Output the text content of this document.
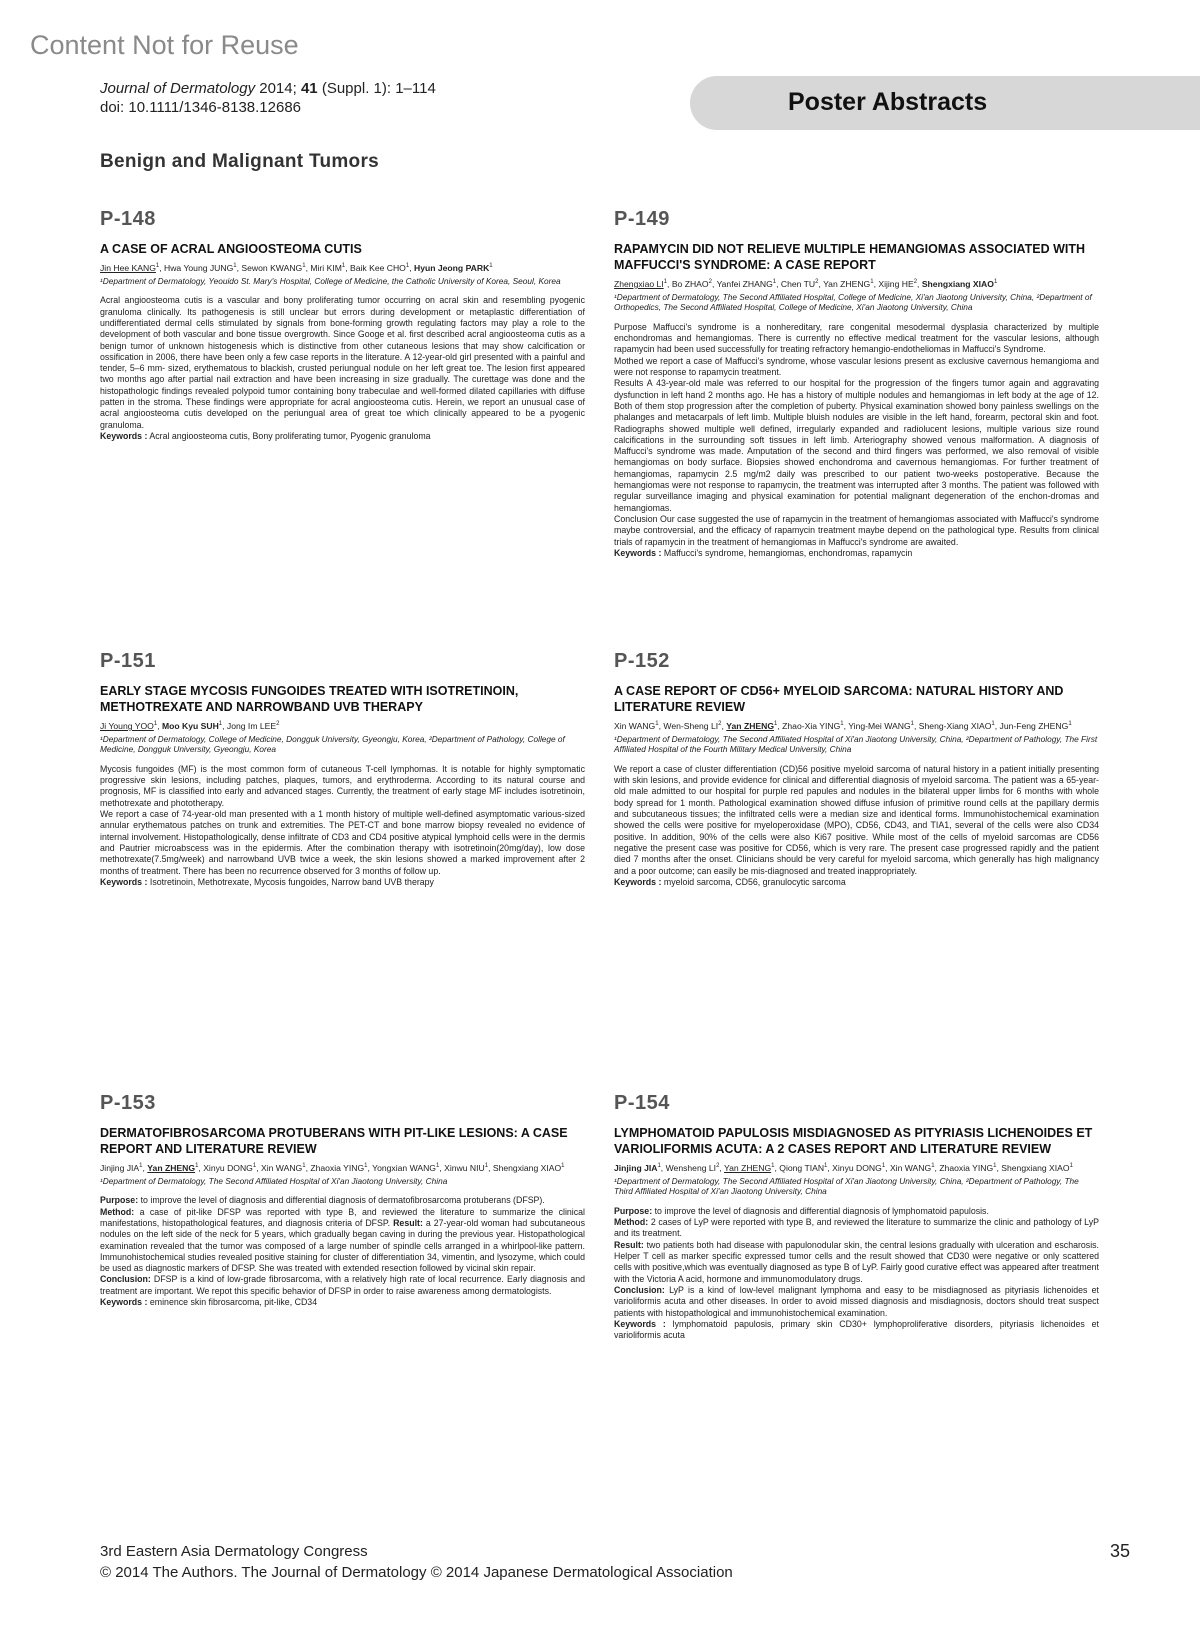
Content Not for Reuse
Journal of Dermatology 2014; 41 (Suppl. 1): 1–114
doi: 10.1111/1346-8138.12686	Poster Abstracts
Benign and Malignant Tumors
P-148
A CASE OF ACRAL ANGIOOSTEOMA CUTIS
Jin Hee KANG$^1$, Hwa Young JUNG$^1$, Sewon KWANG$^1$, Miri KIM$^1$, Baik Kee CHO$^1$, Hyun Jeong PARK$^1$
¹Department of Dermatology, Yeouido St. Mary's Hospital, College of Medicine, the Catholic University of Korea, Seoul, Korea

Acral angioosteoma cutis is a vascular and bony proliferating tumor occurring on acral skin and resembling pyogenic granuloma clinically. Its pathogenesis is still unclear but errors during development or metaplastic differentiation of undifferentiated dermal cells stimulated by signals from bone-forming growth regulating factors may play a role to the development of both vascular and bone tissue overgrowth. Since Googe et al. first described acral angioosteoma cutis as a benign tumor of unknown histogenesis which is distinctive from other cutaneous lesions that may show calcification or ossification in 2006, there have been only a few case reports in the literature. A 12-year-old girl presented with a painful and tender, 5–6 mm- sized, erythematous to blackish, crusted periungual nodule on her left great toe. The lesion first appeared two months ago after partial nail extraction and have been increasing in size gradually. The curettage was done and the histopathologic findings revealed polypoid tumor containing bony trabeculae and well-formed dilated capillaries with diffuse patten in the stroma. These findings were appropriate for acral angioosteoma cutis. Herein, we report an unusual case of acral angioosteoma cutis developed on the periungual area of great toe which clinically appeared to be a pyogenic granuloma.

Keywords : Acral angioosteoma cutis, Bony proliferating tumor, Pyogenic granuloma
P-149
RAPAMYCIN DID NOT RELIEVE MULTIPLE HEMANGIOMAS ASSOCIATED WITH MAFFUCCI'S SYNDROME: A CASE REPORT
Zhengxiao $LI^1$, Bo ZHAO$^2$, Yanfei ZHANG$^1$, Chen $TU^2$, Yan ZHENG$^1$, Xijing $HE^2$, Shengxiang XIAO$^1$
¹Department of Dermatology, The Second Affiliated Hospital, College of Medicine, Xi'an Jiaotong University, China, ²Department of Orthopedics, The Second Affiliated Hospital, College of Medicine, Xi'an Jiaotong University, China

Purpose Maffucci's syndrome is a nonhereditary, rare congenital mesodermal dysplasia characterized by multiple enchondromas and hemangiomas. There is currently no effective medical treatment for the vascular lesions, although rapamycin had been used successfully for treating refractory hemangio-endotheliomas in Maffucci's Syndrome.

Mothed we report a case of Maffucci's syndrome, whose vascular lesions present as exclusive cavernous hemangioma and were not response to rapamycin treatment.

Results A 43-year-old male was referred to our hospital for the progression of the fingers tumor again and aggravating dysfunction in left hand 2 months ago. He has a history of multiple nodules and hemangiomas in left body at the age of 12. Both of them stop progression after the completion of puberty. Physical examination showed bony painless swellings on the phalanges and metacarpals of left limb. Multiple bluish nodules are visible in the left hand, forearm, pectoral skin and foot. Radiographs showed multiple well defined, irregularly expanded and radiolucent lesions, multiple various size round calcifications in the surrounding soft tissues in left limb. Arteriography showed venous malformation. A diagnosis of Maffucci's syndrome was made. Amputation of the second and third fingers was performed, we also removal of visible hemangiomas on body surface. Biopsies showed enchondroma and cavernous hemangiomas. For further treatment of hemangiomas, rapamycin 2.5 mg/m2 daily was prescribed to our patient two-weeks postoperative. Because the hemangiomas were not response to rapamycin, the treatment was interrupted after 3 months. The patient was followed with regular surveillance imaging and physical examination for potential malignant degeneration of the enchon-dromas and hemangiomas.

Conclusion Our case suggested the use of rapamycin in the treatment of hemangiomas associated with Maffucci's syndrome maybe controversial, and the efficacy of rapamycin treatment maybe depend on the pathological type. Results from clinical trials of rapamycin in the treatment of hemangiomas in Maffucci's syndrome are awaited.

Keywords : Maffucci's syndrome, hemangiomas, enchondromas, rapamycin
P-151
EARLY STAGE MYCOSIS FUNGOIDES TREATED WITH ISOTRETINOIN, METHOTREXATE AND NARROWBAND UVB THERAPY
Ji Young YOO$^1$, Moo Kyu SUH$^1$, Jong Im LEE$^2$
¹Department of Dermatology, College of Medicine, Dongguk University, Gyeongju, Korea, ²Department of Pathology, College of Medicine, Dongguk University, Gyeongju, Korea

Mycosis fungoides (MF) is the most common form of cutaneous T-cell lymphomas. It is notable for highly symptomatic progressive skin lesions, including patches, plaques, tumors, and erythroderma. According to its natural course and prognosis, MF is classified into early and advanced stages. Currently, the treatment of early stage MF includes isotretinoin, methotrexate and phototherapy.

We report a case of 74-year-old man presented with a 1 month history of multiple well-defined asymptomatic various-sized annular erythematous patches on trunk and extremities. The PET-CT and bone marrow biopsy revealed no evidence of internal involvement. Histopathologically, dense infiltrate of CD3 and CD4 positive atypical lymphoid cells were in the dermis and Pautrier microabscess was in the epidermis. After the combination therapy with isotretinoin(20mg/day), low dose methotrexate(7.5mg/week) and narrowband UVB twice a week, the skin lesions showed a marked improvement after 2 months of treatment. There has been no recurrence observed for 3 months of follow up.

Keywords : Isotretinoin, Methotrexate, Mycosis fungoides, Narrow band UVB therapy
P-152
A CASE REPORT OF CD56+ MYELOID SARCOMA: NATURAL HISTORY AND LITERATURE REVIEW
Xin WANG$^1$, Wen-Sheng $LI^2$, Yan ZHENG$^1$, Zhao-Xia YING$^1$, Ying-Mei WANG$^1$, Sheng-Xiang XIAO$^1$, Jun-Feng ZHENG$^1$
¹Department of Dermatology, The Second Affiliated Hospital of Xi'an Jiaotong University, China, ²Department of Pathology, The First Affiliated Hospital of the Fourth Military Medical University, China

We report a case of cluster differentiation (CD)56 positive myeloid sarcoma of natural history in a patient initially presenting with skin lesions, and provide evidence for clinical and differential diagnosis of myeloid sarcoma. The patient was a 65-year-old male admitted to our hospital for purple red papules and nodules in the bilateral upper limbs for 6 months with whole body spread for 1 month. Pathological examination showed diffuse infusion of primitive round cells at the papillary dermis and subcutaneous tissues; the infiltrated cells were a median size and identical forms. Immunohistochemical examination showed the cells were positive for myeloperoxidase (MPO), CD56, CD43, and TIA1, several of the cells were also CD34 positive. In addition, 90% of the cells were also Ki67 positive. While most of the cells of myeloid sarcomas are CD56 negative the present case was positive for CD56, which is very rare. The present case progressed rapidly and the patient died 7 months after the onset. Clinicians should be very careful for myeloid sarcoma, which generally has high malignancy and a poor outcome; can easily be mis-diagnosed and treated inappropriately.

Keywords : myeloid sarcoma, CD56, granulocytic sarcoma
P-153
DERMATOFIBROSARCOMA PROTUBERANS WITH PIT-LIKE LESIONS: A CASE REPORT AND LITERATURE REVIEW
Jinjing JIA$^1$, Yan ZHENG$^1$, Xinyu DONG$^1$, Xin WANG$^1$, Zhaoxia YING$^1$, Yongxian WANG$^1$, Xinwu NIU$^1$, Shengxiang XIAO$^1$
¹Department of Dermatology, The Second Affiliated Hospital of Xi'an Jiaotong University, China

Purpose: to improve the level of diagnosis and differential diagnosis of dermatofibrosarcoma protuberans (DFSP).

Method: a case of pit-like DFSP was reported with type B, and reviewed the literature to summarize the clinical manifestations, histopathological features, and diagnosis criteria of DFSP. Result: a 27-year-old woman had subcutaneous nodules on the left side of the neck for 5 years, which gradually began caving in during the previous year. Histopathological examination revealed that the tumor was composed of a large number of spindle cells arranged in a whirlpool-like pattern. Immunohistochemical studies revealed positive staining for cluster of differentiation 34, vimentin, and lysozyme, which could be used as diagnostic markers of DFSP. She was treated with extended resection followed by vicinal skin repair.

Conclusion: DFSP is a kind of low-grade fibrosarcoma, with a relatively high rate of local recurrence. Early diagnosis and treatment are important. We repot this specific behavior of DFSP in order to raise awareness among dermatologists.

Keywords : eminence skin fibrosarcoma, pit-like, CD34
P-154
LYMPHOMATOID PAPULOSIS MISDIAGNOSED AS PITYRIASIS LICHENOIDES ET VARIOLIFORMIS ACUTA: A 2 CASES REPORT AND LITERATURE REVIEW
Jinjing JIA$^1$, Wensheng $LI^2$, Yan ZHENG$^1$, Qiong TIAN$^1$, Xinyu DONG$^1$, Xin WANG$^1$, Zhaoxia YING$^1$, Shengxiang XIAO$^1$
¹Department of Dermatology, The Second Affiliated Hospital of Xi'an Jiaotong University, China, ²Department of Pathology, The Third Affiliated Hospital of Xi'an Jiaotong University, China

Purpose: to improve the level of diagnosis and differential diagnosis of lymphomatoid papulosis.

Method: 2 cases of LyP were reported with type B, and reviewed the literature to summarize the clinic and pathology of LyP and its treatment.

Result: two patients both had disease with papulonodular skin, the central lesions gradually with ulceration and escharosis. Helper T cell as marker specific expressed tumor cells and the result showed that CD30 were negative or only scattered cells with positive,which was eventually diagnosed as type B of LyP. Fairly good curative effect was appeared after treatment with the Victoria A acid, hormone and immunomodulatory drugs.

Conclusion: LyP is a kind of low-level malignant lymphoma and easy to be misdiagnosed as pityriasis lichenoides et varioliformis acuta and other diseases. In order to avoid missed diagnosis and misdiagnosis, doctors should treat suspect patients with histopathological and immunohistochemical examination.

Keywords : lymphomatoid papulosis, primary skin CD30+ lymphoproliferative disorders, pityriasis lichenoides et varioliformis acuta
3rd Eastern Asia Dermatology Congress
© 2014 The Authors. The Journal of Dermatology © 2014 Japanese Dermatological Association
35
